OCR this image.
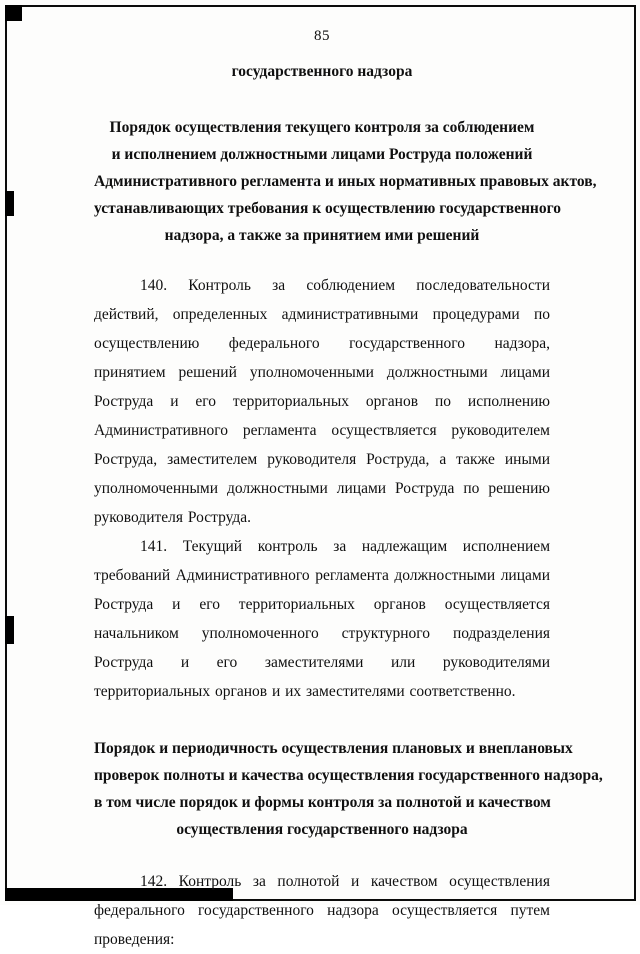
85
государственного надзора
Порядок осуществления текущего контроля за соблюдением
и исполнением должностными лицами Роструда положений
Административного регламента и иных нормативных правовых актов,
устанавливающих требования к осуществлению государственного
надзора, а также за принятием ими решений
140. Контроль за соблюдением последовательности действий, определенных административными процедурами по осуществлению федерального государственного надзора, принятием решений уполномоченными должностными лицами Роструда и его территориальных органов по исполнению Административного регламента осуществляется руководителем Роструда, заместителем руководителя Роструда, а также иными уполномоченными должностными лицами Роструда по решению руководителя Роструда.
141. Текущий контроль за надлежащим исполнением требований Административного регламента должностными лицами Роструда и его территориальных органов осуществляется начальником уполномоченного структурного подразделения Роструда и его заместителями или руководителями территориальных органов и их заместителями соответственно.
Порядок и периодичность осуществления плановых и внеплановых
проверок полноты и качества осуществления государственного надзора,
в том числе порядок и формы контроля за полнотой и качеством
осуществления государственного надзора
142. Контроль за полнотой и качеством осуществления федерального государственного надзора осуществляется путем проведения:
